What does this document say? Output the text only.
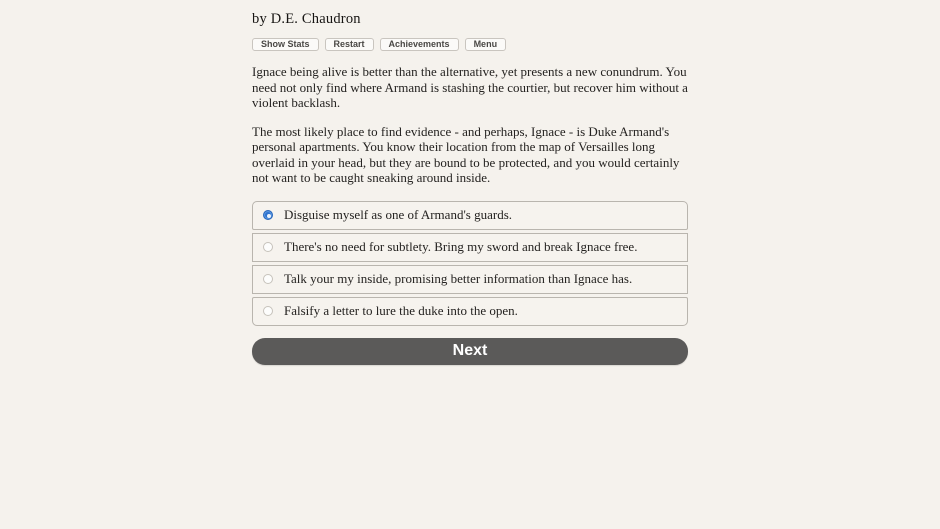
by D.E. Chaudron
Show Stats	Restart	Achievements	Menu

Ignace being alive is better than the alternative, yet presents a new conundrum. You need not only find where Armand is stashing the courtier, but recover him without a violent backlash.

The most likely place to find evidence - and perhaps, Ignace - is Duke Armand's personal apartments. You know their location from the map of Versailles long overlaid in your head, but they are bound to be protected, and you would certainly not want to be caught sneaking around inside.

Disguise myself as one of Armand's guards.
There's no need for subtlety. Bring my sword and break Ignace free.
Talk your my inside, promising better information than Ignace has.
Falsify a letter to lure the duke into the open.
Next
